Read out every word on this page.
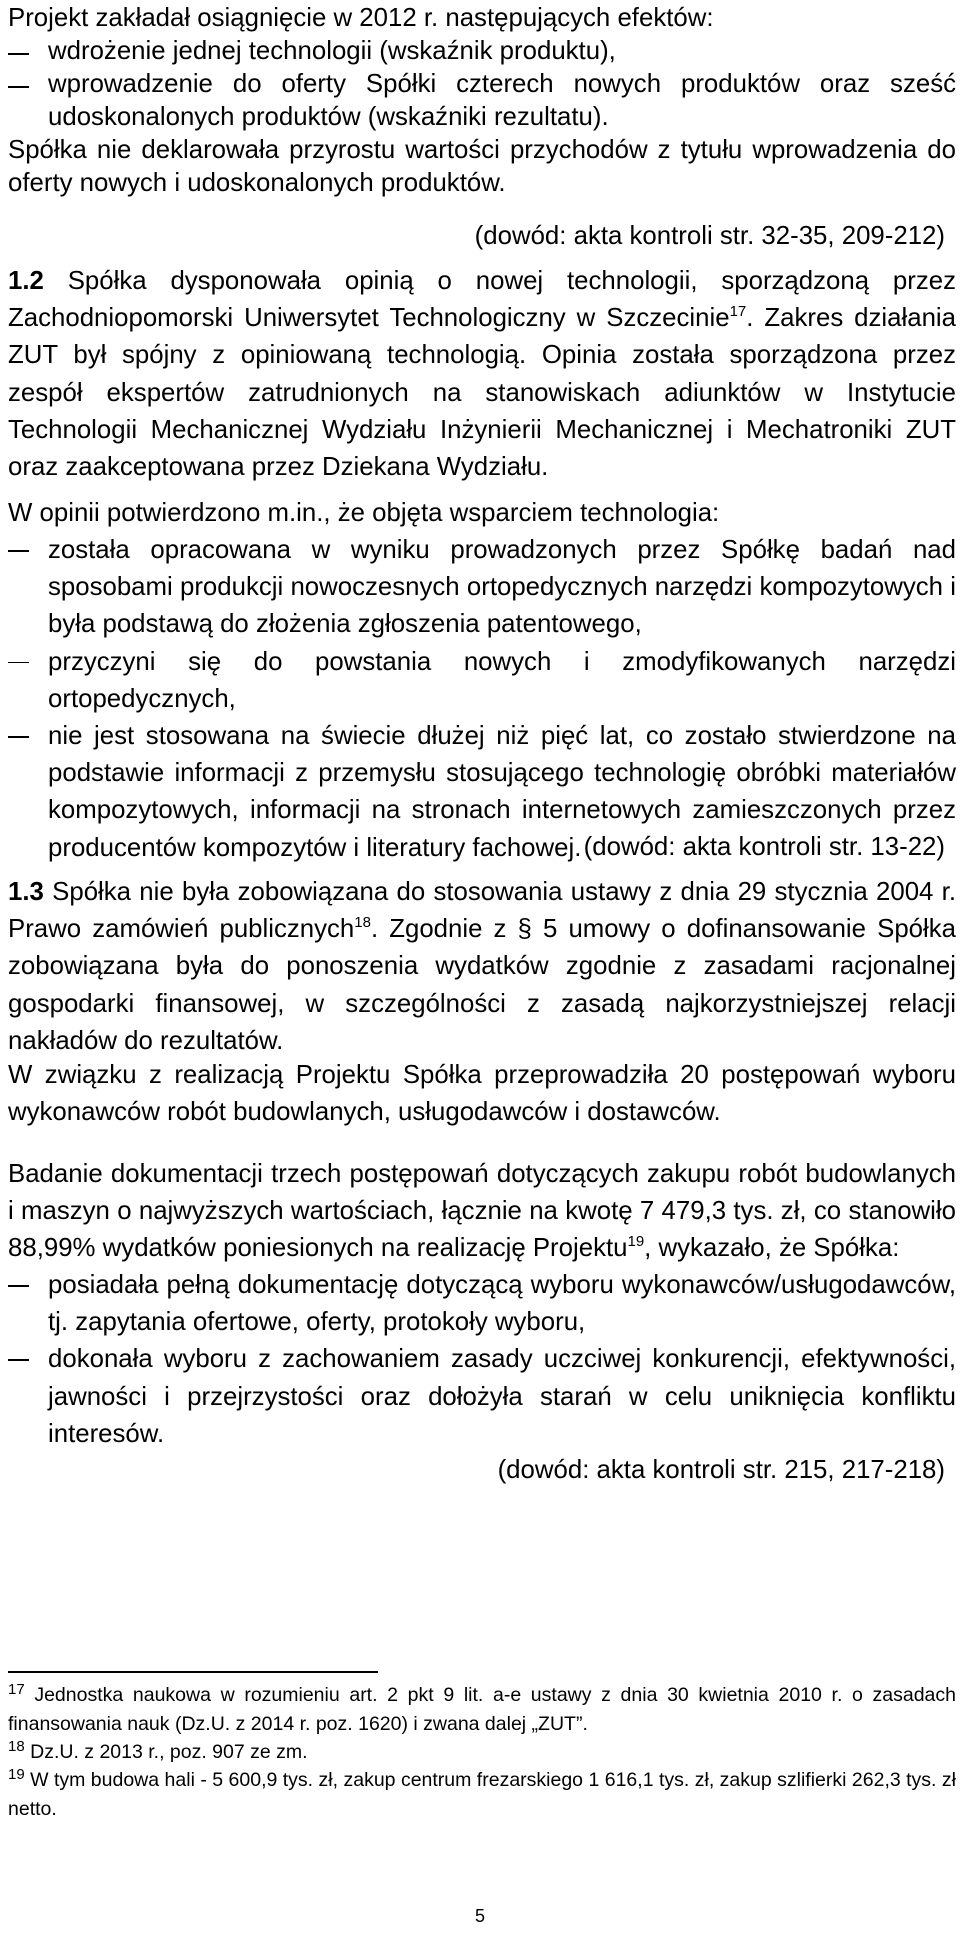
Projekt zakładał osiągnięcie w 2012 r. następujących efektów:

wdrożenie jednej technologii (wskaźnik produktu),
wprowadzenie do oferty Spółki czterech nowych produktów oraz sześć udoskonalonych produktów (wskaźniki rezultatu).

Spółka nie deklarowała przyrostu wartości przychodów z tytułu wprowadzenia do oferty nowych i udoskonalonych produktów.

(dowód: akta kontroli str. 32-35, 209-212)

1.2 Spółka dysponowała opinią o nowej technologii, sporządzoną przez Zachodniopomorski Uniwersytet Technologiczny w Szczecinie$^{17}$. Zakres działania ZUT był spójny z opiniowaną technologią. Opinia została sporządzona przez zespół ekspertów zatrudnionych na stanowiskach adiunktów w Instytucie Technologii Mechanicznej Wydziału Inżynierii Mechanicznej i Mechatroniki ZUT oraz zaakceptowana przez Dziekana Wydziału.

W opinii potwierdzono m.in., że objęta wsparciem technologia:

została opracowana w wyniku prowadzonych przez Spółkę badań nad sposobami produkcji nowoczesnych ortopedycznych narzędzi kompozytowych i była podstawą do złożenia zgłoszenia patentowego,
przyczyni się do powstania nowych i zmodyfikowanych narzędzi ortopedycznych,
nie jest stosowana na świecie dłużej niż pięć lat, co zostało stwierdzone na podstawie informacji z przemysłu stosującego technologię obróbki materiałów kompozytowych, informacji na stronach internetowych zamieszczonych przez producentów kompozytów i literatury fachowej. (dowód: akta kontroli str. 13-22)

1.3 Spółka nie była zobowiązana do stosowania ustawy z dnia 29 stycznia 2004 r. Prawo zamówień publicznych$^{18}$. Zgodnie z § 5 umowy o dofinansowanie Spółka zobowiązana była do ponoszenia wydatków zgodnie z zasadami racjonalnej gospodarki finansowej, w szczególności z zasadą najkorzystniejszej relacji nakładów do rezultatów.

W związku z realizacją Projektu Spółka przeprowadziła 20 postępowań wyboru wykonawców robót budowlanych, usługodawców i dostawców.

Badanie dokumentacji trzech postępowań dotyczących zakupu robót budowlanych i maszyn o najwyższych wartościach, łącznie na kwotę 7 479,3 tys. zł, co stanowiło 88,99% wydatków poniesionych na realizację Projektu$^{19}$, wykazało, że Spółka:

posiadała pełną dokumentację dotyczącą wyboru wykonawców/usługodawców, tj. zapytania ofertowe, oferty, protokoły wyboru,
dokonała wyboru z zachowaniem zasady uczciwej konkurencji, efektywności, jawności i przejrzystości oraz dołożyła starań w celu uniknięcia konfliktu interesów.
(dowód: akta kontroli str. 215, 217-218)

$^{17}$ Jednostka naukowa w rozumieniu art. 2 pkt 9 lit. a-e ustawy z dnia 30 kwietnia 2010 r. o zasadach finansowania nauk (Dz.U. z 2014 r. poz. 1620) i zwana dalej „ZUT”.

$^{18}$ Dz.U. z 2013 r., poz. 907 ze zm.

$^{19}$ W tym budowa hali - 5 600,9 tys. zł, zakup centrum frezarskiego 1 616,1 tys. zł, zakup szlifierki 262,3 tys. zł netto.

5
